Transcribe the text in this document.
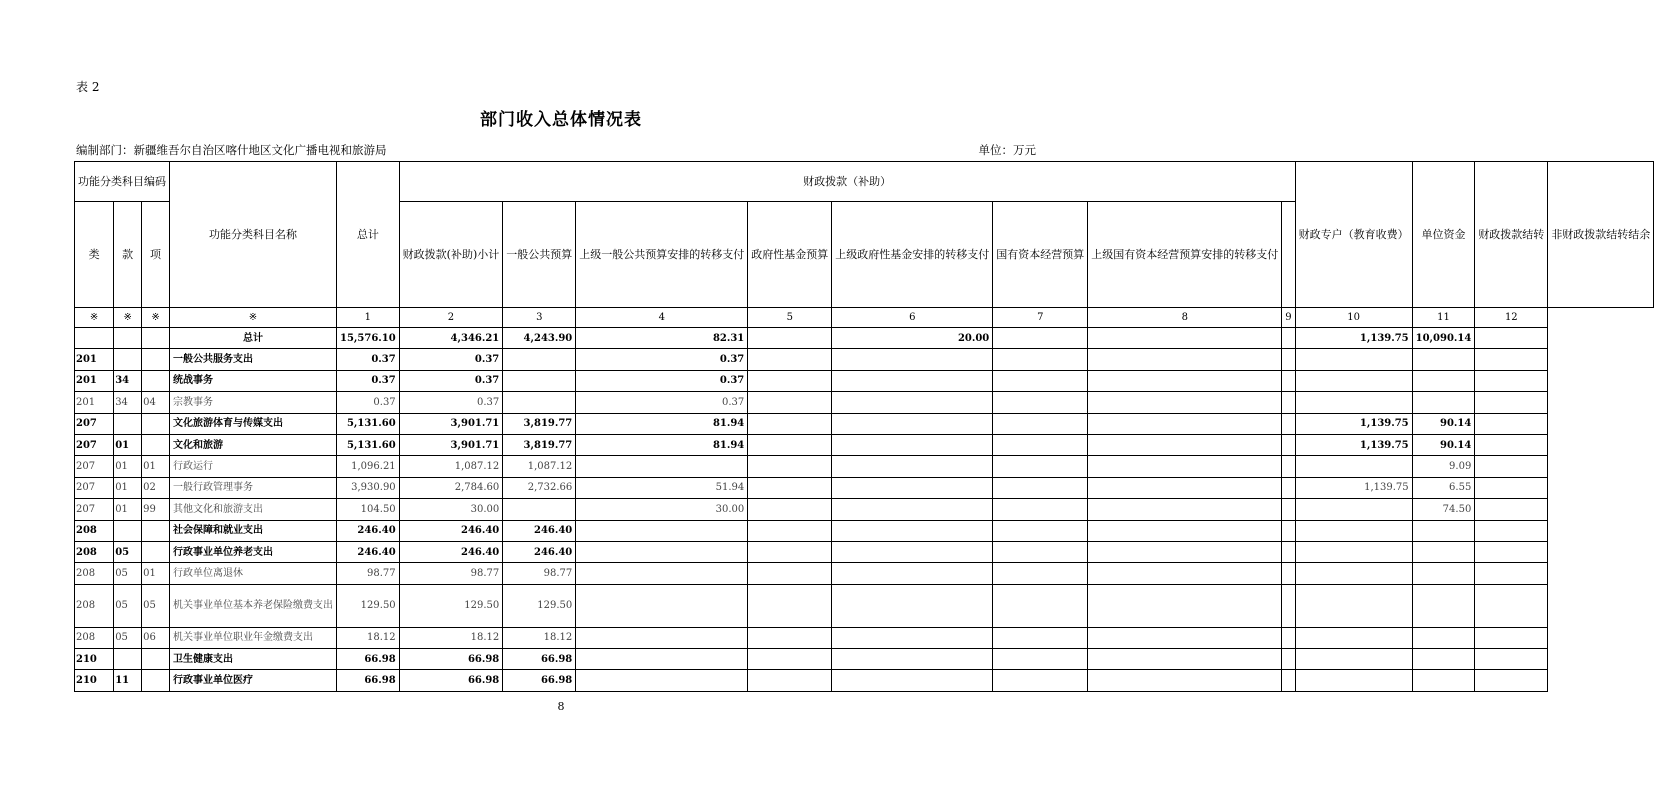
表 2
部门收入总体情况表
编制部门：新疆维吾尔自治区喀什地区文化广播电视和旅游局	单位：万元
功能分类科目编码			功能分类科目名称	总计	财政拨款（补助）								财政专户（教育收费）	单位资金	财政拨款结转	非财政拨款结转结余
类	款	项			财政拨款(补助)小计	一般公共预算	上级一般公共预算安排的转移支付	政府性基金预算	上级政府性基金安排的转移支付	国有资本经营预算	上级国有资本经营预算安排的转移支付					
※	※	※	※	1	2	3	4	5	6	7	8	9	10	11	12	
			总计	15,576.10	4,346.21	4,243.90	82.31		20.00				1,139.75	10,090.14		
201			一般公共服务支出	0.37	0.37		0.37									
201	34		统战事务	0.37	0.37		0.37									
201	34	04	宗教事务	0.37	0.37		0.37									
207			文化旅游体育与传媒支出	5,131.60	3,901.71	3,819.77	81.94						1,139.75	90.14		
207	01		文化和旅游	5,131.60	3,901.71	3,819.77	81.94						1,139.75	90.14		
207	01	01	行政运行	1,096.21	1,087.12	1,087.12								9.09		
207	01	02	一般行政管理事务	3,930.90	2,784.60	2,732.66	51.94						1,139.75	6.55		
207	01	99	其他文化和旅游支出	104.50	30.00		30.00							74.50		
208			社会保障和就业支出	246.40	246.40	246.40										
208	05		行政事业单位养老支出	246.40	246.40	246.40										
208	05	01	行政单位离退休	98.77	98.77	98.77										
208	05	05	机关事业单位基本养老保险缴费支出	129.50	129.50	129.50										
208	05	06	机关事业单位职业年金缴费支出	18.12	18.12	18.12										
210			卫生健康支出	66.98	66.98	66.98										
210	11		行政事业单位医疗	66.98	66.98	66.98										
8
